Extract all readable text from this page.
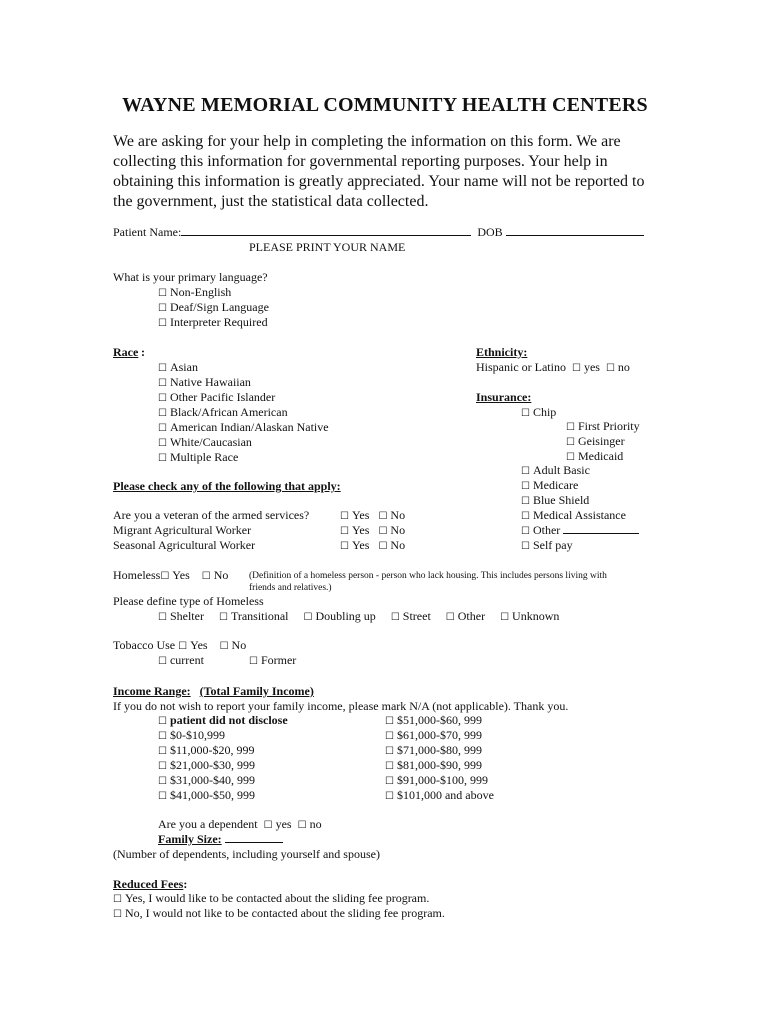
WAYNE MEMORIAL COMMUNITY HEALTH CENTERS
We are asking for your help in completing the information on this form. We are collecting this information for governmental reporting purposes. Your help in obtaining this information is greatly appreciated. Your name will not be reported to the government, just the statistical data collected.
Patient Name:	DOB
PLEASE PRINT YOUR NAME
What is your primary language?
☐ Non-English
☐ Deaf/Sign Language
☐ Interpreter Required
Race :
☐ Asian
☐ Native Hawaiian
☐ Other Pacific Islander
☐ Black/African American
☐ American Indian/Alaskan Native
☐ White/Caucasian
☐ Multiple Race
Ethnicity:
Hispanic or Latino ☐ yes ☐ no
Insurance:
☐ Chip
☐ First Priority
☐ Geisinger
☐ Medicaid
☐ Adult Basic
☐ Medicare
☐ Blue Shield
☐ Medical Assistance
☐ Other
☐ Self pay
Please check any of the following that apply:
Are you a veteran of the armed services?
Migrant Agricultural Worker
Seasonal Agricultural Worker
☐ Yes ☐ No
☐ Yes ☐ No
☐ Yes ☐ No
Homeless☐ Yes ☐ No (Definition of a homeless person - person who lack housing. This includes persons living with
friends and relatives.)
Please define type of Homeless
☐ Shelter ☐ Transitional ☐ Doubling up ☐ Street ☐ Other ☐ Unknown
Tobacco Use ☐ Yes ☐ No
☐ current	☐ Former
Income Range: (Total Family Income)
If you do not wish to report your family income, please mark N/A (not applicable). Thank you.
☐ patient did not disclose
☐ $0-$10,999
☐ $11,000-$20, 999
☐ $21,000-$30, 999
☐ $31,000-$40, 999
☐ $41,000-$50, 999
☐ $51,000-$60, 999
☐ $61,000-$70, 999
☐ $71,000-$80, 999
☐ $81,000-$90, 999
☐ $91,000-$100, 999
☐ $101,000 and above
Are you a dependent ☐ yes ☐ no
Family Size:
(Number of dependents, including yourself and spouse)
Reduced Fees:
☐ Yes, I would like to be contacted about the sliding fee program.
☐ No, I would not like to be contacted about the sliding fee program.
